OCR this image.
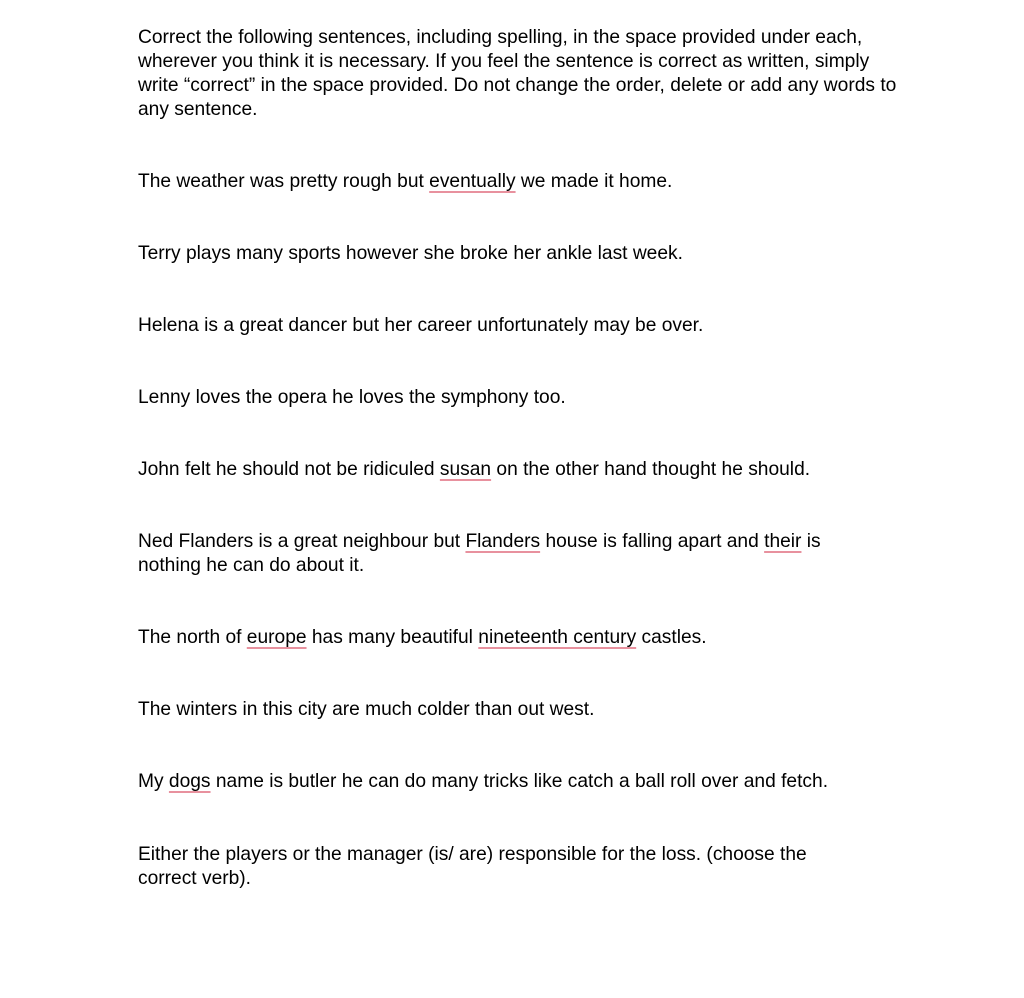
Correct the following sentences, including spelling, in the space provided under each, wherever you think it is necessary. If you feel the sentence is correct as written, simply write “correct” in the space provided. Do not change the order, delete or add any words to any sentence.

The weather was pretty rough but eventually we made it home.

Terry plays many sports however she broke her ankle last week.

Helena is a great dancer but her career unfortunately may be over.

Lenny loves the opera he loves the symphony too.

John felt he should not be ridiculed susan on the other hand thought he should.

Ned Flanders is a great neighbour but Flanders house is falling apart and their is nothing he can do about it.

The north of europe has many beautiful nineteenth century castles.

The winters in this city are much colder than out west.

My dogs name is butler he can do many tricks like catch a ball roll over and fetch.

Either the players or the manager (is/ are) responsible for the loss. (choose the correct verb).
